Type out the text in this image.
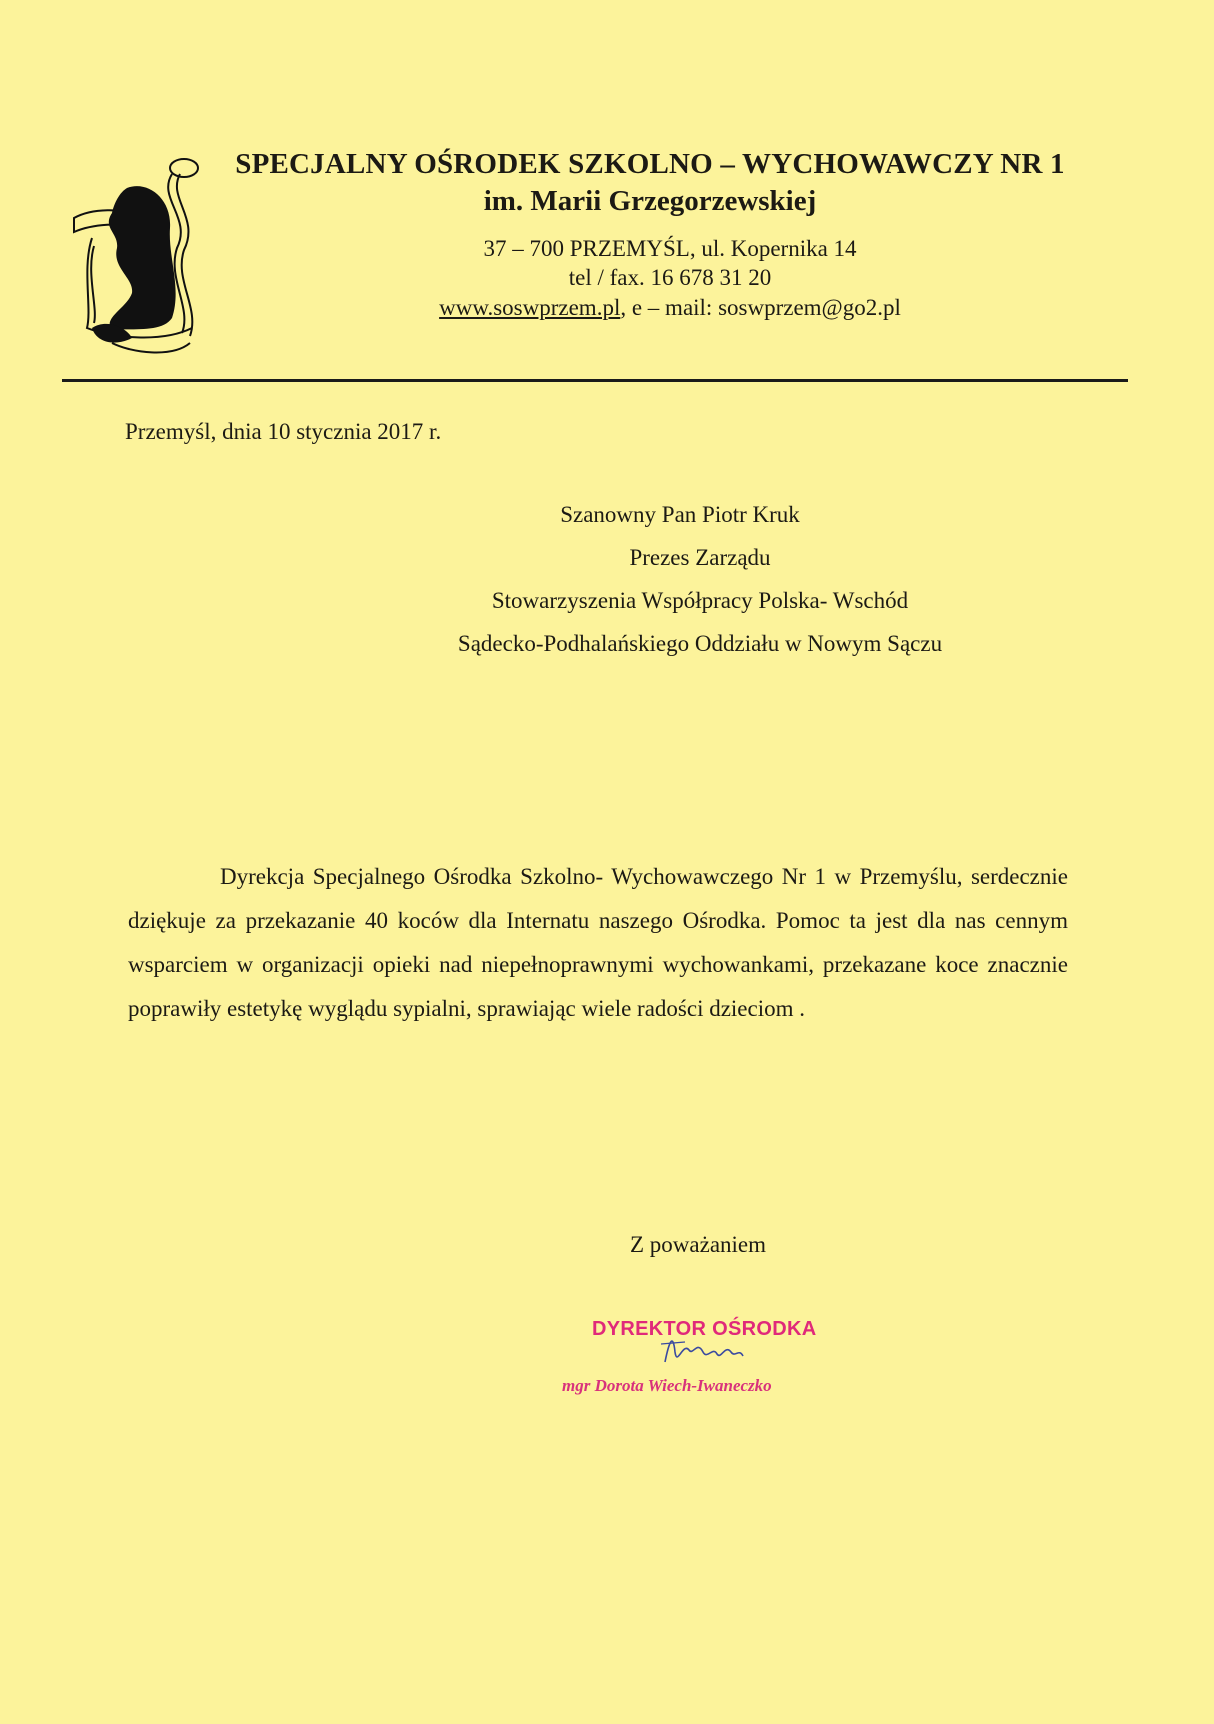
SPECJALNY OŚRODEK SZKOLNO – WYCHOWAWCZY NR 1
im. Marii Grzegorzewskiej
37 – 700 PRZEMYŚL, ul. Kopernika 14
tel / fax. 16 678 31 20
www.soswprzem.pl, e – mail: soswprzem@go2.pl
Przemyśl, dnia 10 stycznia 2017 r.
Szanowny Pan Piotr Kruk
Prezes Zarządu
Stowarzyszenia Współpracy Polska- Wschód
Sądecko-Podhalańskiego Oddziału w Nowym Sączu

Dyrekcja Specjalnego Ośrodka Szkolno- Wychowawczego Nr 1 w Przemyślu, serdecznie dziękuje za przekazanie 40 koców dla Internatu naszego Ośrodka. Pomoc ta jest dla nas cennym wsparciem w organizacji opieki nad niepełnoprawnymi wychowankami, przekazane koce znacznie poprawiły estetykę wyglądu sypialni, sprawiając wiele radości dzieciom .

Z poważaniem
DYREKTOR OŚRODKA
mgr Dorota Wiech-Iwaneczko
